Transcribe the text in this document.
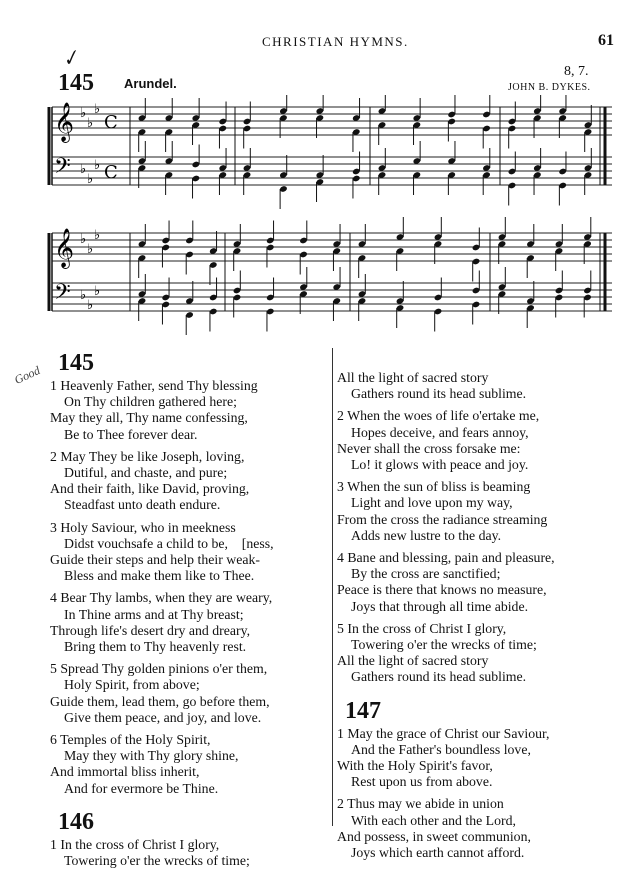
CHRISTIAN HYMNS.	61
✓
Good
145 Arundel.
8, 7.
JOHN B. DYKES.
𝄞 ♭
♭
♭
C
𝄢 ♭
♭
♭ C
𝄞 ♭
♭
♭
𝄢 ♭
♭
♭
145
1 Heavenly Father, send Thy blessing
On Thy children gathered here;
May they all, Thy name confessing,
Be to Thee forever dear.
2 May They be like Joseph, loving,
Dutiful, and chaste, and pure;
And their faith, like David, proving,
Steadfast unto death endure.
3 Holy Saviour, who in meekness
Didst vouchsafe a child to be,    [ness,
Guide their steps and help their weak-
Bless and make them like to Thee.
4 Bear Thy lambs, when they are weary,
In Thine arms and at Thy breast;
Through life's desert dry and dreary,
Bring them to Thy heavenly rest.
5 Spread Thy golden pinions o'er them,
Holy Spirit, from above;
Guide them, lead them, go before them,
Give them peace, and joy, and love.
6 Temples of the Holy Spirit,
May they with Thy glory shine,
And immortal bliss inherit,
And for evermore be Thine.
146
1 In the cross of Christ I glory,
Towering o'er the wrecks of time;
All the light of sacred story
Gathers round its head sublime.
2 When the woes of life o'ertake me,
Hopes deceive, and fears annoy,
Never shall the cross forsake me:
Lo! it glows with peace and joy.
3 When the sun of bliss is beaming
Light and love upon my way,
From the cross the radiance streaming
Adds new lustre to the day.
4 Bane and blessing, pain and pleasure,
By the cross are sanctified;
Peace is there that knows no measure,
Joys that through all time abide.
5 In the cross of Christ I glory,
Towering o'er the wrecks of time;
All the light of sacred story
Gathers round its head sublime.
147
1 May the grace of Christ our Saviour,
And the Father's boundless love,
With the Holy Spirit's favor,
Rest upon us from above.
2 Thus may we abide in union
With each other and the Lord,
And possess, in sweet communion,
Joys which earth cannot afford.
